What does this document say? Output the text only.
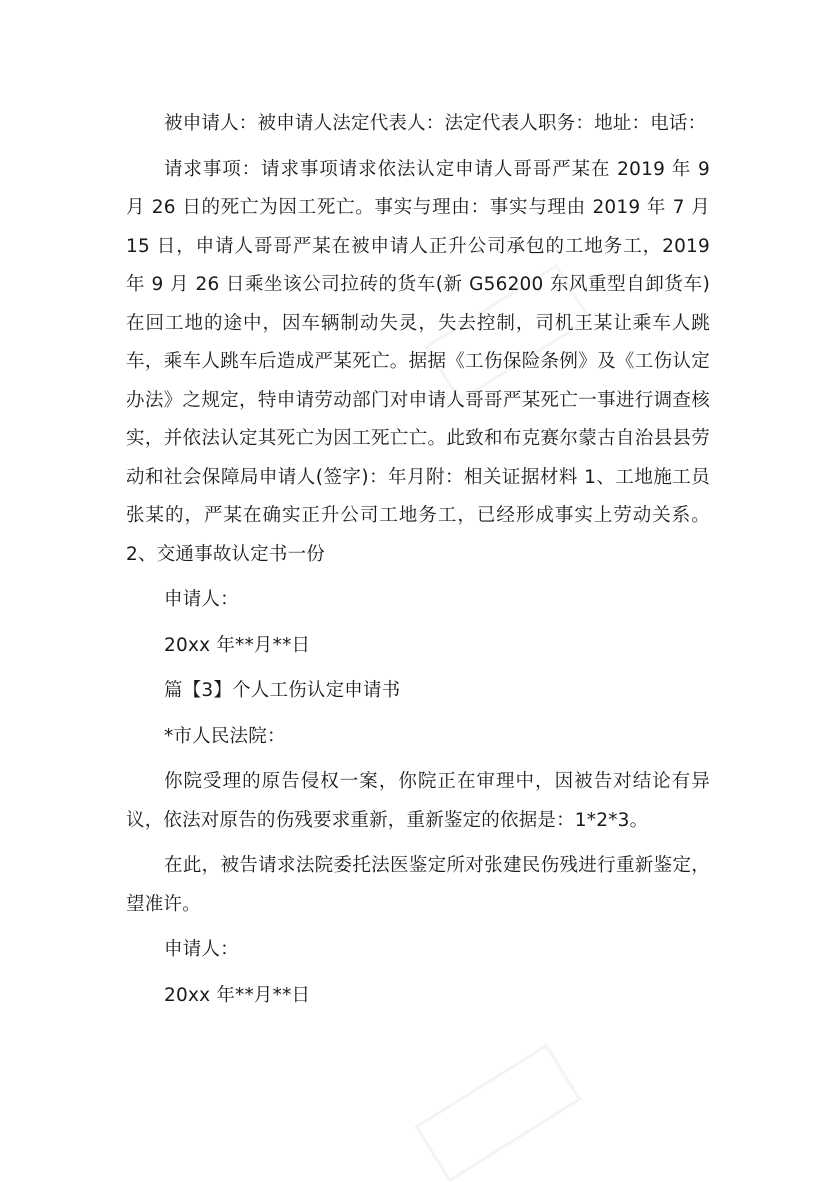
被申请人：被申请人法定代表人：法定代表人职务：地址：电话：

请求事项：请求事项请求依法认定申请人哥哥严某在 2019 年 9 月 26 日的死亡为因工死亡。事实与理由：事实与理由 2019 年 7 月 15 日，申请人哥哥严某在被申请人正升公司承包的工地务工，2019 年 9 月 26 日乘坐该公司拉砖的货车(新 G56200 东风重型自卸货车)在回工地的途中，因车辆制动失灵，失去控制，司机王某让乘车人跳车，乘车人跳车后造成严某死亡。据据《工伤保险条例》及《工伤认定办法》之规定，特申请劳动部门对申请人哥哥严某死亡一事进行调查核实，并依法认定其死亡为因工死亡亡。此致和布克赛尔蒙古自治县县劳动和社会保障局申请人(签字)：年月附：相关证据材料 1、工地施工员张某的，严某在确实正升公司工地务工，已经形成事实上劳动关系。2、交通事故认定书一份

申请人：

20xx 年**月**日

篇【3】个人工伤认定申请书

*市人民法院：

你院受理的原告侵权一案，你院正在审理中，因被告对结论有异议，依法对原告的伤残要求重新，重新鉴定的依据是：1*2*3。

在此，被告请求法院委托法医鉴定所对张建民伤残进行重新鉴定，望准许。

申请人：

20xx 年**月**日
